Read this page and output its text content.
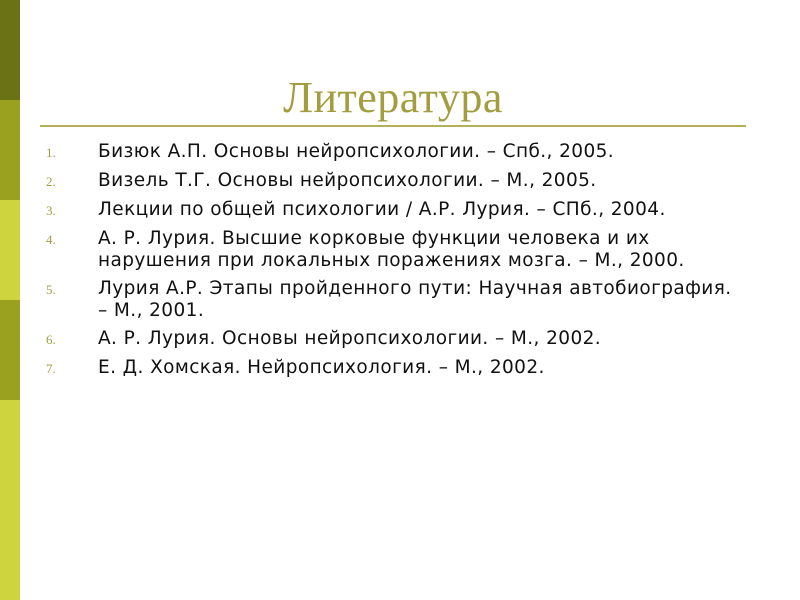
Литература
1.	Бизюк А.П. Основы нейропсихологии. – Спб., 2005.
2.	Визель Т.Г. Основы нейропсихологии. – М., 2005.
3.	Лекции по общей психологии / А.Р. Лурия. – СПб., 2004.
4.	А. Р. Лурия. Высшие корковые функции человека и их нарушения при локальных поражениях мозга. – М., 2000.
5.	Лурия А.Р. Этапы пройденного пути: Научная автобиография. – М., 2001.
6.	А. Р. Лурия. Основы нейропсихологии. – М., 2002.
7.	Е. Д. Хомская. Нейропсихология. – М., 2002.
